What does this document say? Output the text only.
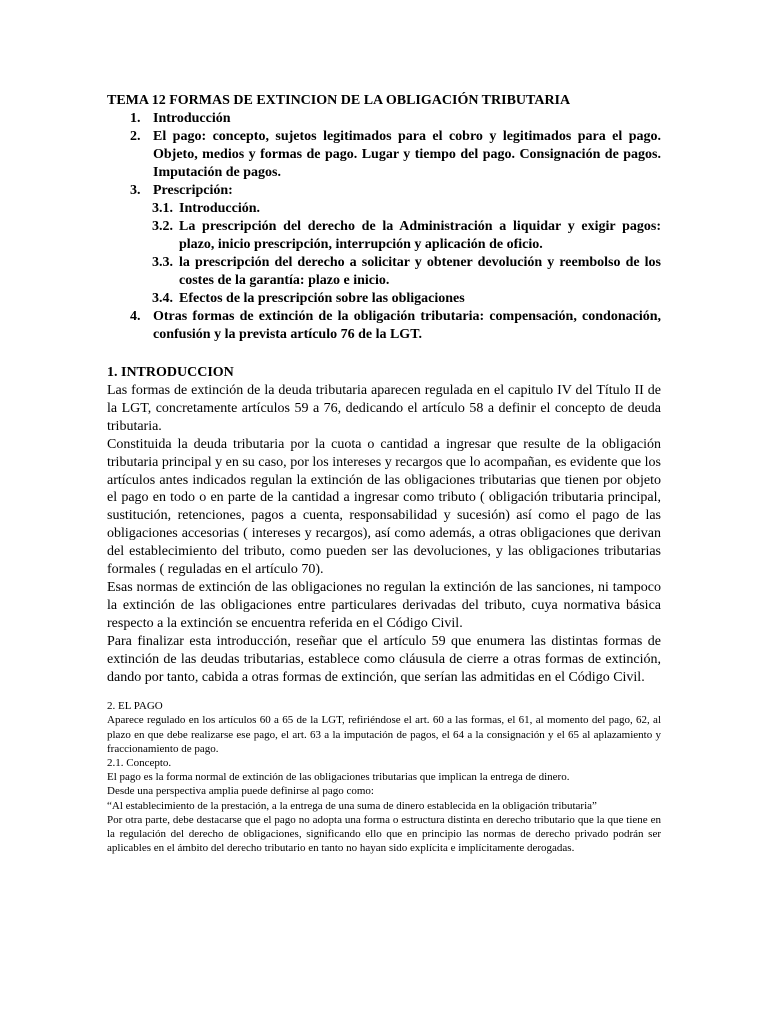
TEMA 12 FORMAS DE EXTINCION DE LA OBLIGACIÓN TRIBUTARIA
1. Introducción
2. El pago: concepto, sujetos legitimados para el cobro y legitimados para el pago. Objeto, medios y formas de pago. Lugar y tiempo del pago. Consignación de pagos. Imputación de pagos.
3. Prescripción:
3.1. Introducción.
3.2. La prescripción del derecho de la Administración a liquidar y exigir pagos: plazo, inicio prescripción, interrupción y aplicación de oficio.
3.3. la prescripción del derecho a solicitar y obtener devolución y reembolso de los costes de la garantía: plazo e inicio.
3.4. Efectos de la prescripción sobre las obligaciones
4. Otras formas de extinción de la obligación tributaria: compensación, condonación, confusión y la prevista artículo 76 de la LGT.
1. INTRODUCCION
Las formas de extinción de la deuda tributaria aparecen regulada en el capitulo IV del Título II de la LGT, concretamente artículos 59 a 76, dedicando el artículo 58 a definir el concepto de deuda tributaria.
Constituida la deuda tributaria por la cuota o cantidad a ingresar que resulte de la obligación tributaria principal y en su caso, por los intereses y recargos que lo acompañan, es evidente que los artículos antes indicados regulan la extinción de las obligaciones tributarias que tienen por objeto el pago en todo o en parte de la cantidad a ingresar como tributo ( obligación tributaria principal, sustitución, retenciones, pagos a cuenta, responsabilidad y sucesión) así como el pago de las obligaciones accesorias ( intereses y recargos), así como además, a otras obligaciones que derivan del establecimiento del tributo, como pueden ser las devoluciones, y las obligaciones tributarias formales ( reguladas en el artículo 70).
Esas normas de extinción de las obligaciones no regulan la extinción de las sanciones, ni tampoco la extinción de las obligaciones entre particulares derivadas del tributo, cuya normativa básica respecto a la extinción se encuentra referida en el Código Civil.
Para finalizar esta introducción, reseñar que el artículo 59 que enumera las distintas formas de extinción de las deudas tributarias, establece como cláusula de cierre a otras formas de extinción, dando por tanto, cabida a otras formas de extinción, que serían las admitidas en el Código Civil.
2. EL PAGO
Aparece regulado en los artículos 60 a 65 de la LGT, refiriéndose el art. 60 a las formas, el 61, al momento del pago, 62, al plazo en que debe realizarse ese pago, el art. 63 a la imputación de pagos, el 64 a la consignación y el 65 al aplazamiento y fraccionamiento de pago.
2.1. Concepto.
El pago es la forma normal de extinción de las obligaciones tributarias que implican la entrega de dinero.
Desde una perspectiva amplia puede definirse al pago como:
“Al establecimiento de la prestación, a la entrega de una suma de dinero establecida en la obligación tributaria”
Por otra parte, debe destacarse que el pago no adopta una forma o estructura distinta en derecho tributario que la que tiene en la regulación del derecho de obligaciones, significando ello que en principio las normas de derecho privado podrán ser aplicables en el ámbito del derecho tributario en tanto no hayan sido explícita e implícitamente derogadas.
